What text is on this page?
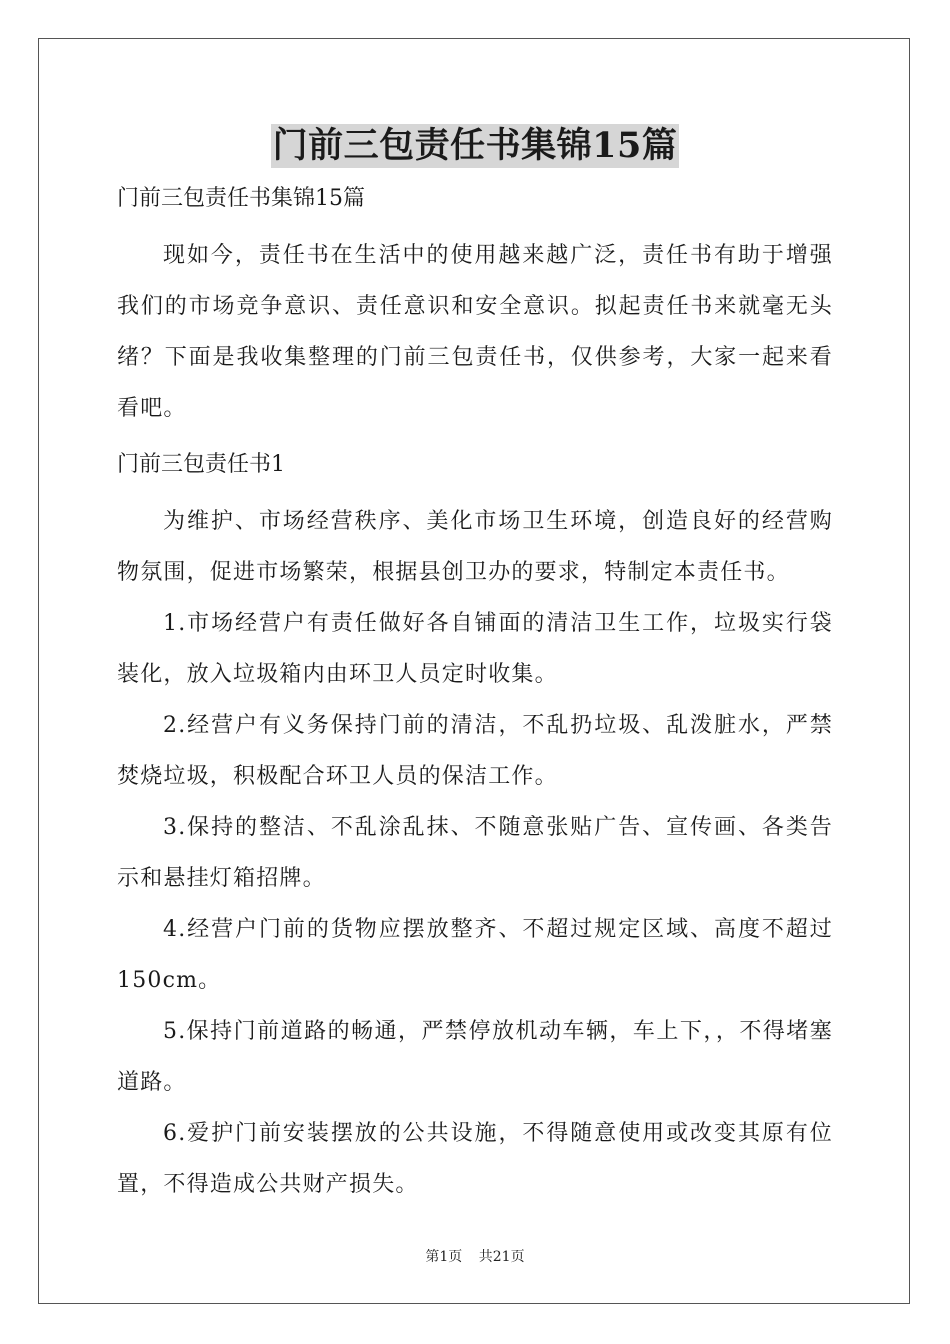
门前三包责任书集锦15篇
门前三包责任书集锦15篇

现如今，责任书在生活中的使用越来越广泛，责任书有助于增强我们的市场竞争意识、责任意识和安全意识。拟起责任书来就毫无头绪？下面是我收集整理的门前三包责任书，仅供参考，大家一起来看看吧。

门前三包责任书1

为维护、市场经营秩序、美化市场卫生环境，创造良好的经营购物氛围，促进市场繁荣，根据县创卫办的要求，特制定本责任书。

1.市场经营户有责任做好各自铺面的清洁卫生工作，垃圾实行袋装化，放入垃圾箱内由环卫人员定时收集。

2.经营户有义务保持门前的清洁，不乱扔垃圾、乱泼脏水，严禁焚烧垃圾，积极配合环卫人员的保洁工作。

3.保持的整洁、不乱涂乱抹、不随意张贴广告、宣传画、各类告示和悬挂灯箱招牌。

4.经营户门前的货物应摆放整齐、不超过规定区域、高度不超过150cm。

5.保持门前道路的畅通，严禁停放机动车辆，车上下，，不得堵塞道路。

6.爱护门前安装摆放的公共设施，不得随意使用或改变其原有位置，不得造成公共财产损失。

第1页 共21页
